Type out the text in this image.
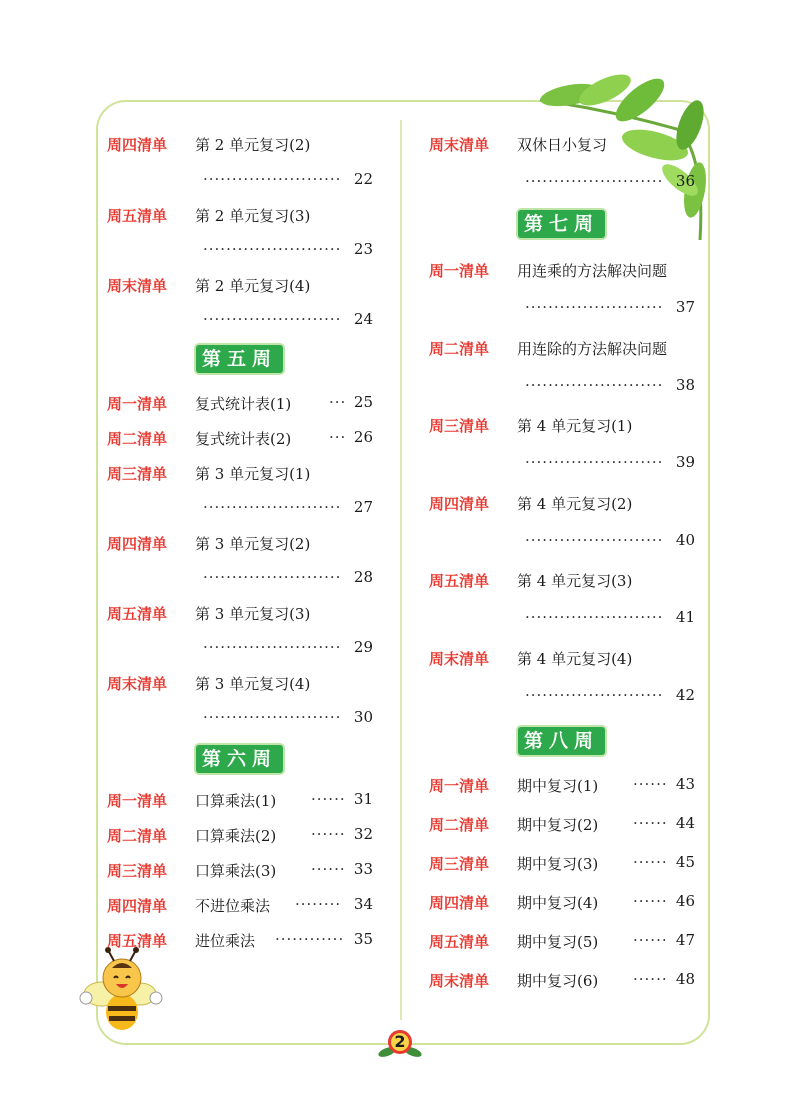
2
周四清单 第 2 单元复习(2)
························ 22
周五清单 第 2 单元复习(3)
························ 23
周末清单 第 2 单元复习(4)
························ 24
第五周
周一清单 复式统计表(1)	··· 25
周二清单 复式统计表(2)	··· 26
周三清单 第 3 单元复习(1)
························ 27
周四清单 第 3 单元复习(2)
························ 28
周五清单 第 3 单元复习(3)
························ 29
周末清单 第 3 单元复习(4)
························ 30
第六周
周一清单 口算乘法(1) ······ 31
周二清单 口算乘法(2) ······ 32
周三清单 口算乘法(3) ······ 33
周四清单 不进位乘法 ········ 34
周五清单 进位乘法 ············ 35
周末清单 双休日小复习
························ 36
第七周
周一清单 用连乘的方法解决问题
························ 37
周二清单 用连除的方法解决问题
························ 38
周三清单 第 4 单元复习(1)
························ 39
周四清单 第 4 单元复习(2)
························ 40
周五清单 第 4 单元复习(3)
························ 41
周末清单 第 4 单元复习(4)
························ 42
第八周
周一清单 期中复习(1) ······ 43
周二清单 期中复习(2) ······ 44
周三清单 期中复习(3) ······ 45
周四清单 期中复习(4) ······ 46
周五清单 期中复习(5) ······ 47
周末清单 期中复习(6) ······ 48
